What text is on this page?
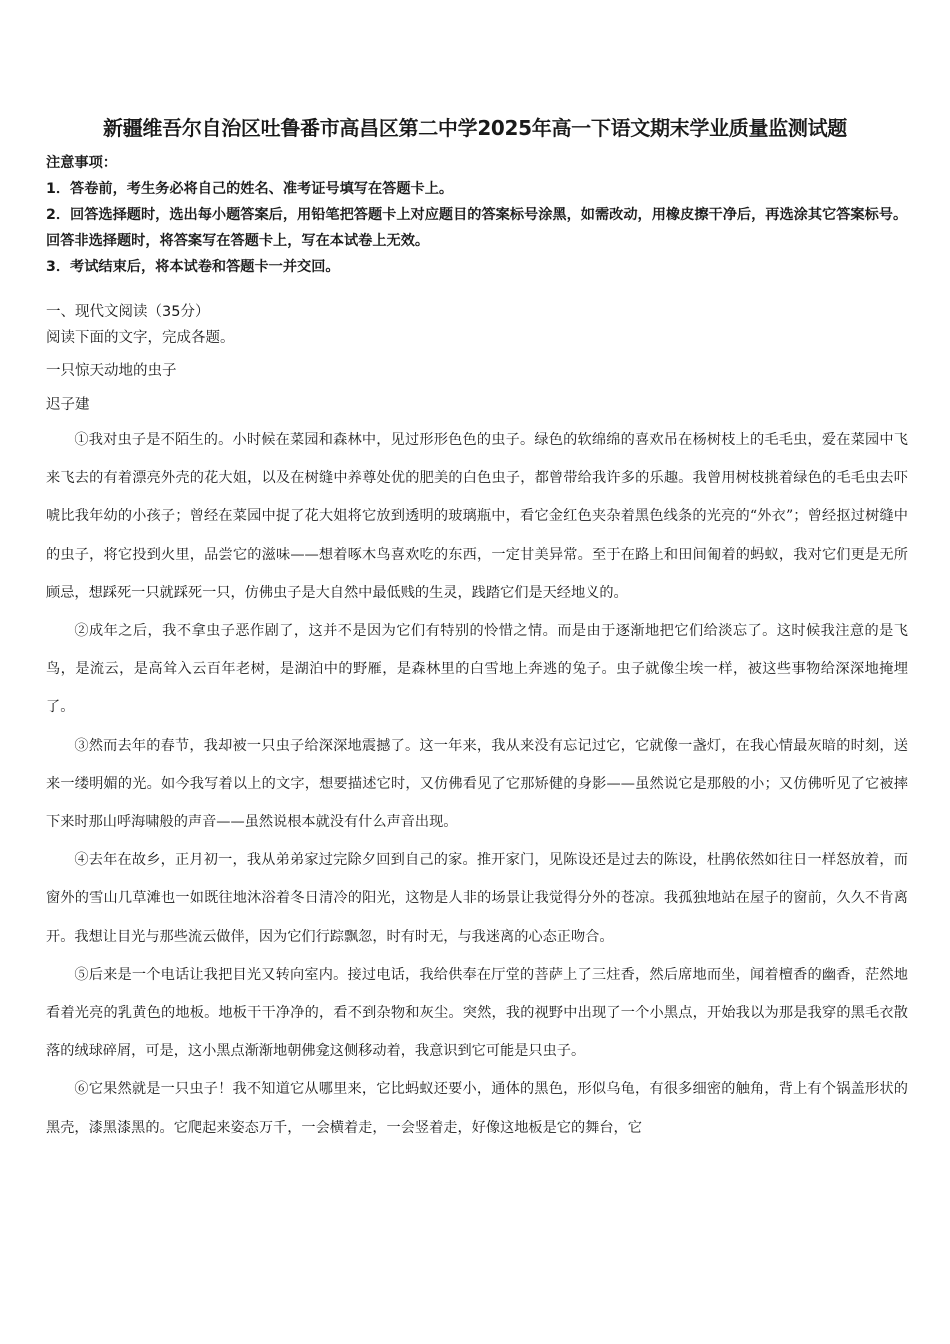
新疆维吾尔自治区吐鲁番市高昌区第二中学2025年高一下语文期末学业质量监测试题

注意事项：

1．答卷前，考生务必将自己的姓名、准考证号填写在答题卡上。

2．回答选择题时，选出每小题答案后，用铅笔把答题卡上对应题目的答案标号涂黑，如需改动，用橡皮擦干净后，再选涂其它答案标号。回答非选择题时，将答案写在答题卡上，写在本试卷上无效。

3．考试结束后，将本试卷和答题卡一并交回。

一、现代文阅读（35分）
阅读下面的文字，完成各题。
一只惊天动地的虫子
迟子建

①我对虫子是不陌生的。小时候在菜园和森林中，见过形形色色的虫子。绿色的软绵绵的喜欢吊在杨树枝上的毛毛虫，爱在菜园中飞来飞去的有着漂亮外壳的花大姐，以及在树缝中养尊处优的肥美的白色虫子，都曾带给我许多的乐趣。我曾用树枝挑着绿色的毛毛虫去吓唬比我年幼的小孩子；曾经在菜园中捉了花大姐将它放到透明的玻璃瓶中，看它金红色夹杂着黑色线条的光亮的“外衣”；曾经抠过树缝中的虫子，将它投到火里，品尝它的滋味——想着啄木鸟喜欢吃的东西，一定甘美异常。至于在路上和田间匍着的蚂蚁，我对它们更是无所顾忌，想踩死一只就踩死一只，仿佛虫子是大自然中最低贱的生灵，践踏它们是天经地义的。

②成年之后，我不拿虫子恶作剧了，这并不是因为它们有特别的怜惜之情。而是由于逐渐地把它们给淡忘了。这时候我注意的是飞鸟，是流云，是高耸入云百年老树，是湖泊中的野雁，是森林里的白雪地上奔逃的兔子。虫子就像尘埃一样，被这些事物给深深地掩埋了。

③然而去年的春节，我却被一只虫子给深深地震撼了。这一年来，我从来没有忘记过它，它就像一盏灯，在我心情最灰暗的时刻，送来一缕明媚的光。如今我写着以上的文字，想要描述它时，又仿佛看见了它那矫健的身影——虽然说它是那般的小；又仿佛听见了它被摔下来时那山呼海啸般的声音——虽然说根本就没有什么声音出现。

④去年在故乡，正月初一，我从弟弟家过完除夕回到自己的家。推开家门，见陈设还是过去的陈设，杜鹃依然如往日一样怒放着，而窗外的雪山几草滩也一如既往地沐浴着冬日清冷的阳光，这物是人非的场景让我觉得分外的苍凉。我孤独地站在屋子的窗前，久久不肯离开。我想让目光与那些流云做伴，因为它们行踪飘忽，时有时无，与我迷离的心态正吻合。

⑤后来是一个电话让我把目光又转向室内。接过电话，我给供奉在厅堂的菩萨上了三炷香，然后席地而坐，闻着檀香的幽香，茫然地看着光亮的乳黄色的地板。地板干干净净的，看不到杂物和灰尘。突然，我的视野中出现了一个小黑点，开始我以为那是我穿的黑毛衣散落的绒球碎屑，可是，这小黑点渐渐地朝佛龛这侧移动着，我意识到它可能是只虫子。

⑥它果然就是一只虫子！我不知道它从哪里来，它比蚂蚁还要小，通体的黑色，形似乌龟，有很多细密的触角，背上有个锅盖形状的黑壳，漆黑漆黑的。它爬起来姿态万千，一会横着走，一会竖着走，好像这地板是它的舞台，它
